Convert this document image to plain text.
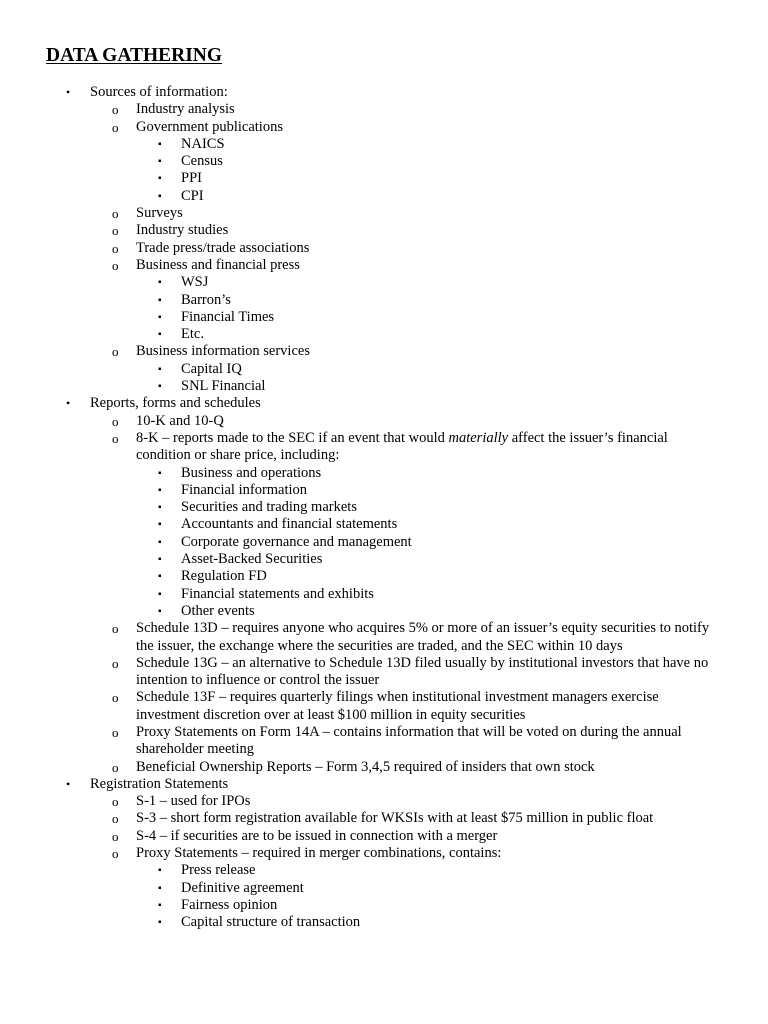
DATA GATHERING
•	Sources of information:
o	Industry analysis
o	Government publications
▪	NAICS
▪	Census
▪	PPI
▪	CPI
o	Surveys
o	Industry studies
o	Trade press/trade associations
o	Business and financial press
▪	WSJ
▪	Barron’s
▪	Financial Times
▪	Etc.
o	Business information services
▪	Capital IQ
▪	SNL Financial
•	Reports, forms and schedules
o	10-K and 10-Q
o	8-K – reports made to the SEC if an event that would materially affect the issuer’s financial condition or share price, including:
▪	Business and operations
▪	Financial information
▪	Securities and trading markets
▪	Accountants and financial statements
▪	Corporate governance and management
▪	Asset-Backed Securities
▪	Regulation FD
▪	Financial statements and exhibits
▪	Other events
o	Schedule 13D – requires anyone who acquires 5% or more of an issuer’s equity securities to notify the issuer, the exchange where the securities are traded, and the SEC within 10 days
o	Schedule 13G – an alternative to Schedule 13D filed usually by institutional investors that have no intention to influence or control the issuer
o	Schedule 13F – requires quarterly filings when institutional investment managers exercise investment discretion over at least $100 million in equity securities
o	Proxy Statements on Form 14A – contains information that will be voted on during the annual shareholder meeting
o	Beneficial Ownership Reports – Form 3,4,5 required of insiders that own stock
•	Registration Statements
o	S-1 – used for IPOs
o	S-3 – short form registration available for WKSIs with at least $75 million in public float
o	S-4 – if securities are to be issued in connection with a merger
o	Proxy Statements – required in merger combinations, contains:
▪	Press release
▪	Definitive agreement
▪	Fairness opinion
▪	Capital structure of transaction
